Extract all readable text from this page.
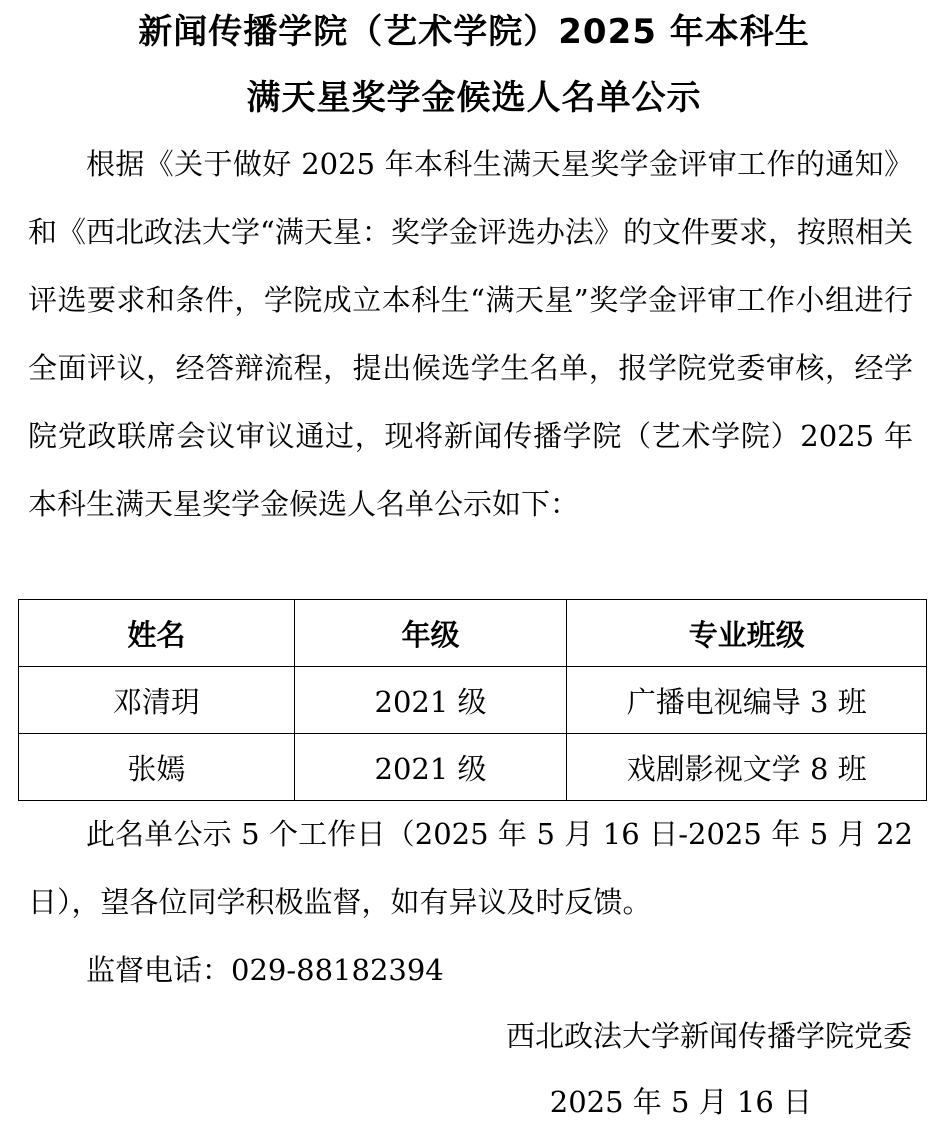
新闻传播学院（艺术学院）2025 年本科生
满天星奖学金候选人名单公示

根据《关于做好 2025 年本科生满天星奖学金评审工作的通知》和《西北政法大学“满天星：奖学金评选办法》的文件要求，按照相关评选要求和条件，学院成立本科生“满天星”奖学金评审工作小组进行全面评议，经答辩流程，提出候选学生名单，报学院党委审核，经学院党政联席会议审议通过，现将新闻传播学院（艺术学院）2025 年本科生满天星奖学金候选人名单公示如下：

姓名	年级	专业班级
邓清玥	2021 级	广播电视编导 3 班
张嫣	2021 级	戏剧影视文学 8 班

此名单公示 5 个工作日（2025 年 5 月 16 日-2025 年 5 月 22 日），望各位同学积极监督，如有异议及时反馈。

监督电话：029-88182394

西北政法大学新闻传播学院党委
2025 年 5 月 16 日
